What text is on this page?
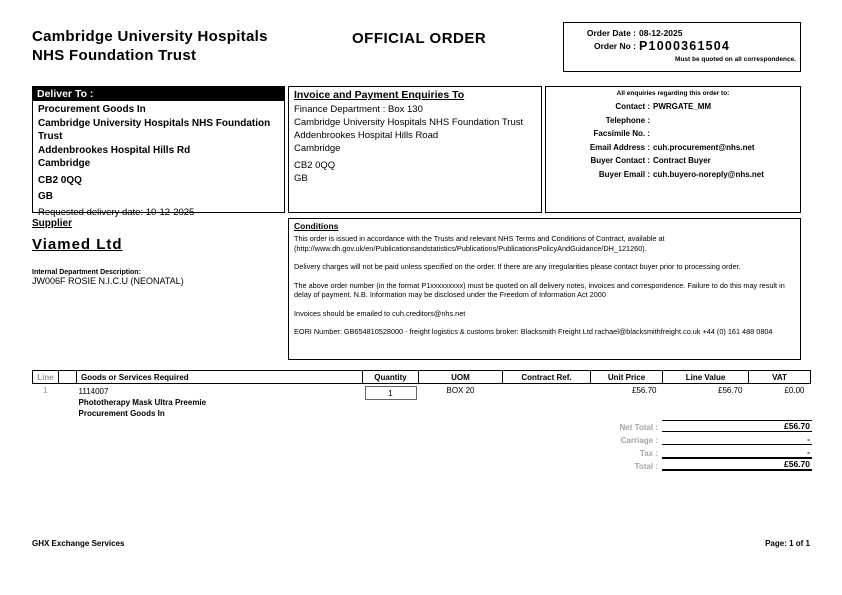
Cambridge University Hospitals
NHS Foundation Trust
OFFICIAL ORDER	Order Date : 08-12-2025
Order No : P1000361504
Must be quoted on all correspondence.
Deliver To :
Procurement Goods In
Cambridge University Hospitals NHS Foundation Trust
Addenbrookes Hospital Hills Rd
Cambridge
CB2 0QQ
GB
Requested delivery date: 10-12-2025
Invoice and Payment Enquiries To
Finance Department : Box 130
Cambridge University Hospitals NHS Foundation Trust
Addenbrookes Hospital Hills Road
Cambridge
CB2 0QQ
GB
All enquiries regarding this order to:
Contact : PWRGATE_MM
Telephone :
Facsimile No. :
Email Address : cuh.procurement@nhs.net
Buyer Contact : Contract Buyer
Buyer Email : cuh.buyero-noreply@nhs.net
Supplier
Viamed Ltd
Internal Department Description:
JW006F ROSIE N.I.C.U (NEONATAL)
Conditions
This order is issued in accordance with the Trusts and relevant NHS Terms and Conditions of Contract, available at (http://www.dh.gov.uk/en/Publicationsandstatistics/Publications/PublicationsPolicyAndGuidance/DH_121260).
Delivery charges will not be paid unless specified on the order. If there are any irregularities please contact buyer prior to processing order.
The above order number (in the format P1xxxxxxxxx) must be quoted on all delivery notes, invoices and correspondence. Failure to do this may result in delay of payment. N.B. Information may be disclosed under the Freedom of Information Act 2000
Invoices should be emailed to cuh.creditors@nhs.net
EORI Number: GB654810528000 - freight logistics & customs broker: Blacksmith Freight Ltd rachael@blacksmithfreight.co.uk +44 (0) 161 488 0804
Line		Goods or Services Required	Quantity	UOM	Contract Ref.	Unit Price	Line Value	VAT
1		1114007
Phototherapy Mask Ultra Preemie
Procurement Goods In	1	BOX 20		£56.70	£56.70	£0.00
Net Total :	£56.70
Carriage :	-
Tax :	-
Total :	£56.70
GHX Exchange Services	Page: 1 of 1
